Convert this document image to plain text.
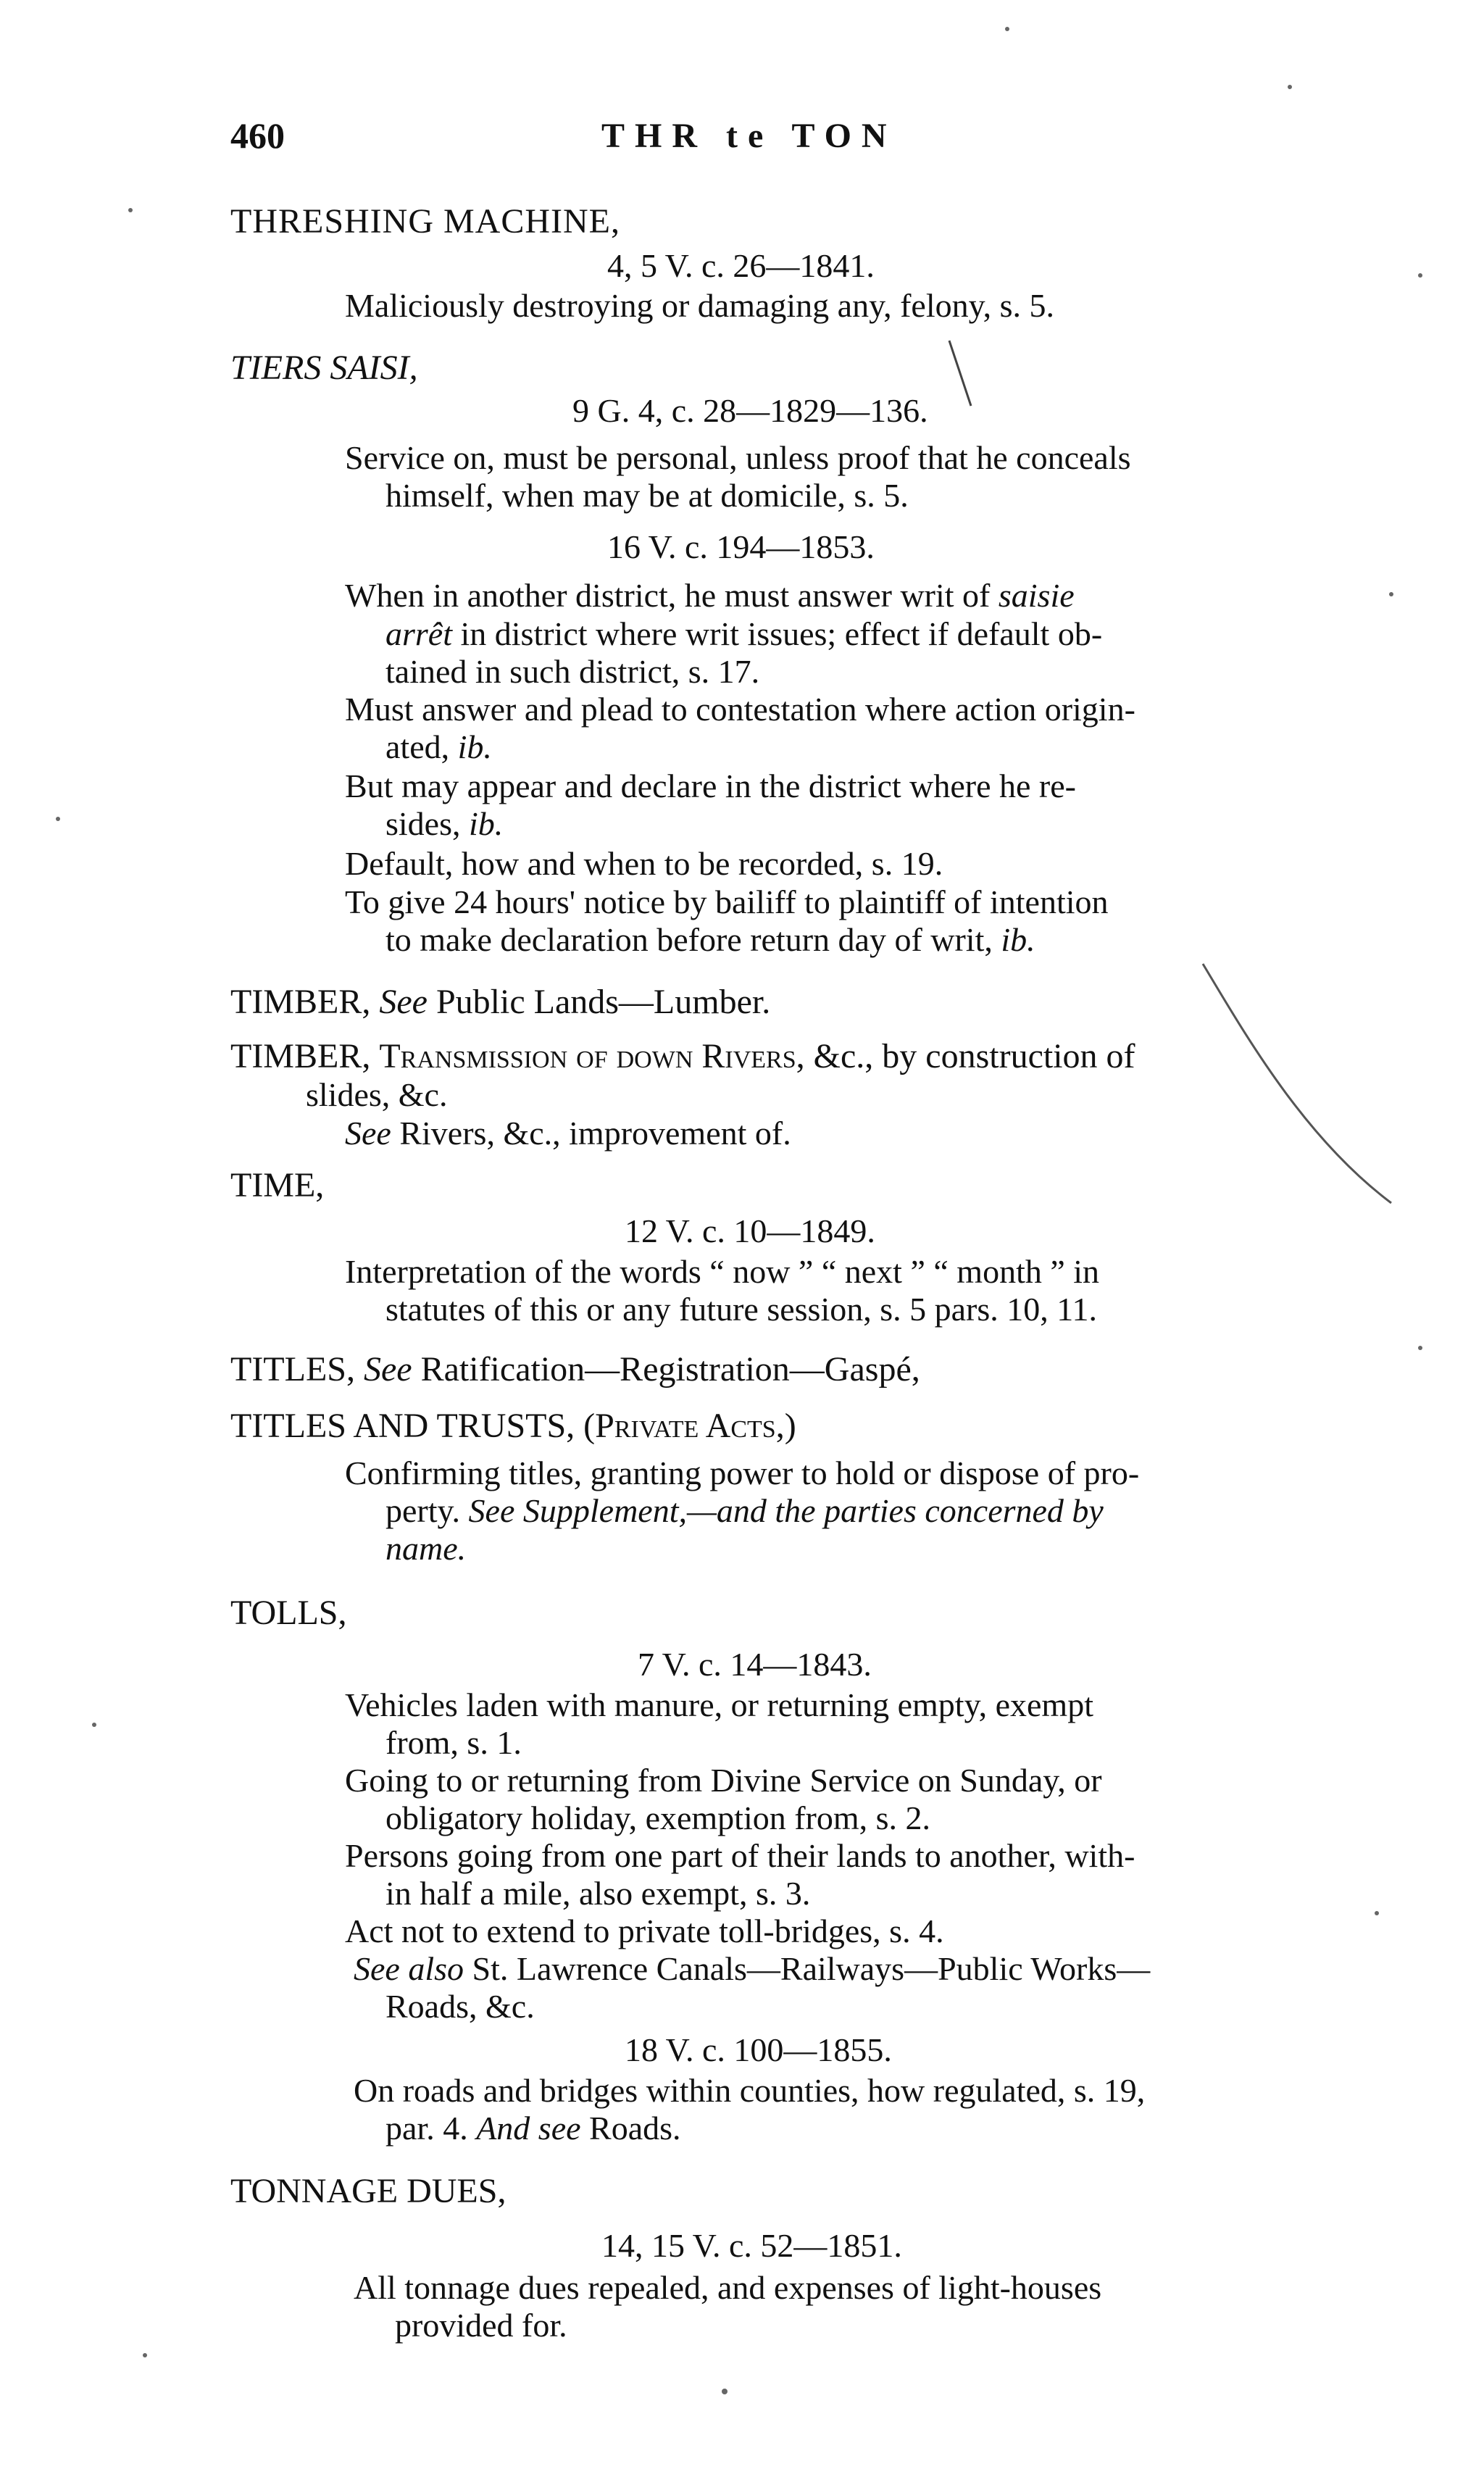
460	THR te TON
THRESHING MACHINE,
4, 5 V. c. 26—1841.
Maliciously destroying or damaging any, felony, s. 5.
TIERS SAISI,
9 G. 4, c. 28—1829—136.
Service on, must be personal, unless proof that he conceals
himself, when may be at domicile, s. 5.
16 V. c. 194—1853.
When in another district, he must answer writ of saisie
arrêt in district where writ issues; effect if default ob-
tained in such district, s. 17.
Must answer and plead to contestation where action origin-
ated, ib.
But may appear and declare in the district where he re-
sides, ib.
Default, how and when to be recorded, s. 19.
To give 24 hours' notice by bailiff to plaintiff of intention
to make declaration before return day of writ, ib.
TIMBER, See Public Lands—Lumber.
TIMBER, Transmission of down Rivers, &c., by construction of
slides, &c.
See Rivers, &c., improvement of.
TIME,
12 V. c. 10—1849.
Interpretation of the words “ now ” “ next ” “ month ” in
statutes of this or any future session, s. 5 pars. 10, 11.
TITLES, See Ratification—Registration—Gaspé,
TITLES AND TRUSTS, (Private Acts,)
Confirming titles, granting power to hold or dispose of pro-
perty. See Supplement,—and the parties concerned by
name.
TOLLS,
7 V. c. 14—1843.
Vehicles laden with manure, or returning empty, exempt
from, s. 1.
Going to or returning from Divine Service on Sunday, or
obligatory holiday, exemption from, s. 2.
Persons going from one part of their lands to another, with-
in half a mile, also exempt, s. 3.
Act not to extend to private toll-bridges, s. 4.
See also St. Lawrence Canals—Railways—Public Works—
Roads, &c.
18 V. c. 100—1855.
On roads and bridges within counties, how regulated, s. 19,
par. 4. And see Roads.
TONNAGE DUES,
14, 15 V. c. 52—1851.
All tonnage dues repealed, and expenses of light-houses
provided for.
